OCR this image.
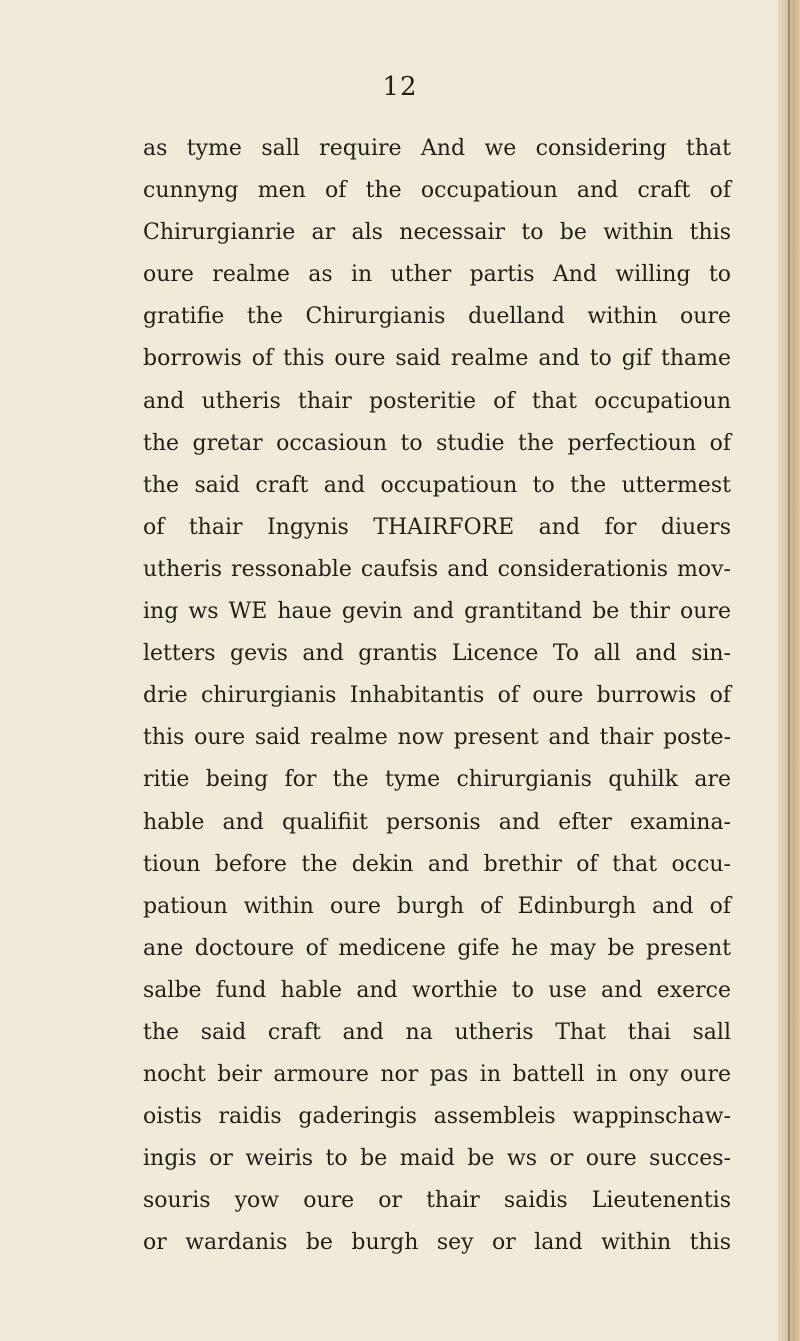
12
as tyme sall require And we considering that
cunnyng men of the occupatioun and craft of
Chirurgianrie ar als necessair to be within this
oure realme as in uther partis And willing to
gratifie the Chirurgianis duelland within oure
borrowis of this oure said realme and to gif thame
and utheris thair posteritie of that occupatioun
the gretar occasioun to studie the perfectioun of
the said craft and occupatioun to the uttermest
of thair Ingynis THAIRFORE and for diuers
utheris ressonable caufsis and considerationis mov-
ing ws WE haue gevin and grantitand be thir oure
letters gevis and grantis Licence To all and sin-
drie chirurgianis Inhabitantis of oure burrowis of
this oure said realme now present and thair poste-
ritie being for the tyme chirurgianis quhilk are
hable and qualifiit personis and efter examina-
tioun before the dekin and brethir of that occu-
patioun within oure burgh of Edinburgh and of
ane doctoure of medicene gife he may be present
salbe fund hable and worthie to use and exerce
the said craft and na utheris That thai sall
nocht beir armoure nor pas in battell in ony oure
oistis raidis gaderingis assembleis wappinschaw-
ingis or weiris to be maid be ws or oure succes-
souris yow oure or thair saidis Lieutenentis
or wardanis be burgh sey or land within this
